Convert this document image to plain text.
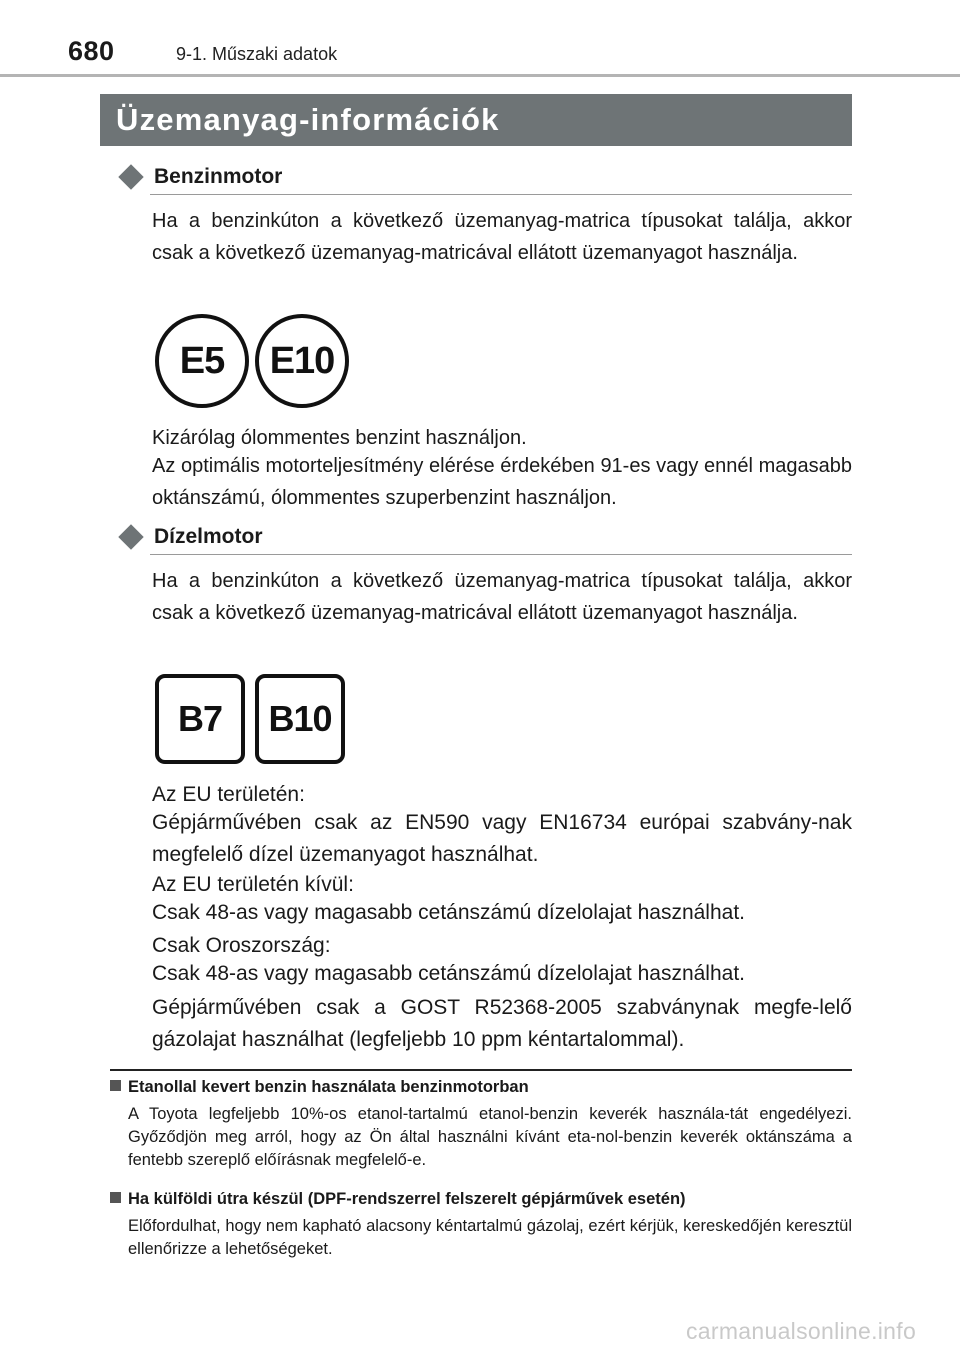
680	9-1. Műszaki adatok
Üzemanyag-információk
Benzinmotor
Ha a benzinkúton a következő üzemanyag-matrica típusokat találja, akkor csak a következő üzemanyag-matricával ellátott üzemanyagot használja.
E5 E10
Kizárólag ólommentes benzint használjon.
Az optimális motorteljesítmény elérése érdekében 91-es vagy ennél magasabb oktánszámú, ólommentes szuperbenzint használjon.
Dízelmotor
Ha a benzinkúton a következő üzemanyag-matrica típusokat találja, akkor csak a következő üzemanyag-matricával ellátott üzemanyagot használja.
B7 B10
Az EU területén:
Gépjárművében csak az EN590 vagy EN16734 európai szabvány-nak megfelelő dízel üzemanyagot használhat.
Az EU területén kívül:
Csak 48-as vagy magasabb cetánszámú dízelolajat használhat.
Csak Oroszország:
Csak 48-as vagy magasabb cetánszámú dízelolajat használhat.
Gépjárművében csak a GOST R52368-2005 szabványnak megfe-lelő gázolajat használhat (legfeljebb 10 ppm kéntartalommal).
Etanollal kevert benzin használata benzinmotorban
A Toyota legfeljebb 10%-os etanol-tartalmú etanol-benzin keverék használa-tát engedélyezi. Győződjön meg arról, hogy az Ön által használni kívánt eta-nol-benzin keverék oktánszáma a fentebb szereplő előírásnak megfelelő-e.
Ha külföldi útra készül (DPF-rendszerrel felszerelt gépjárművek esetén)
Előfordulhat, hogy nem kapható alacsony kéntartalmú gázolaj, ezért kérjük, kereskedőjén keresztül ellenőrizze a lehetőségeket.
carmanualsonline.info
